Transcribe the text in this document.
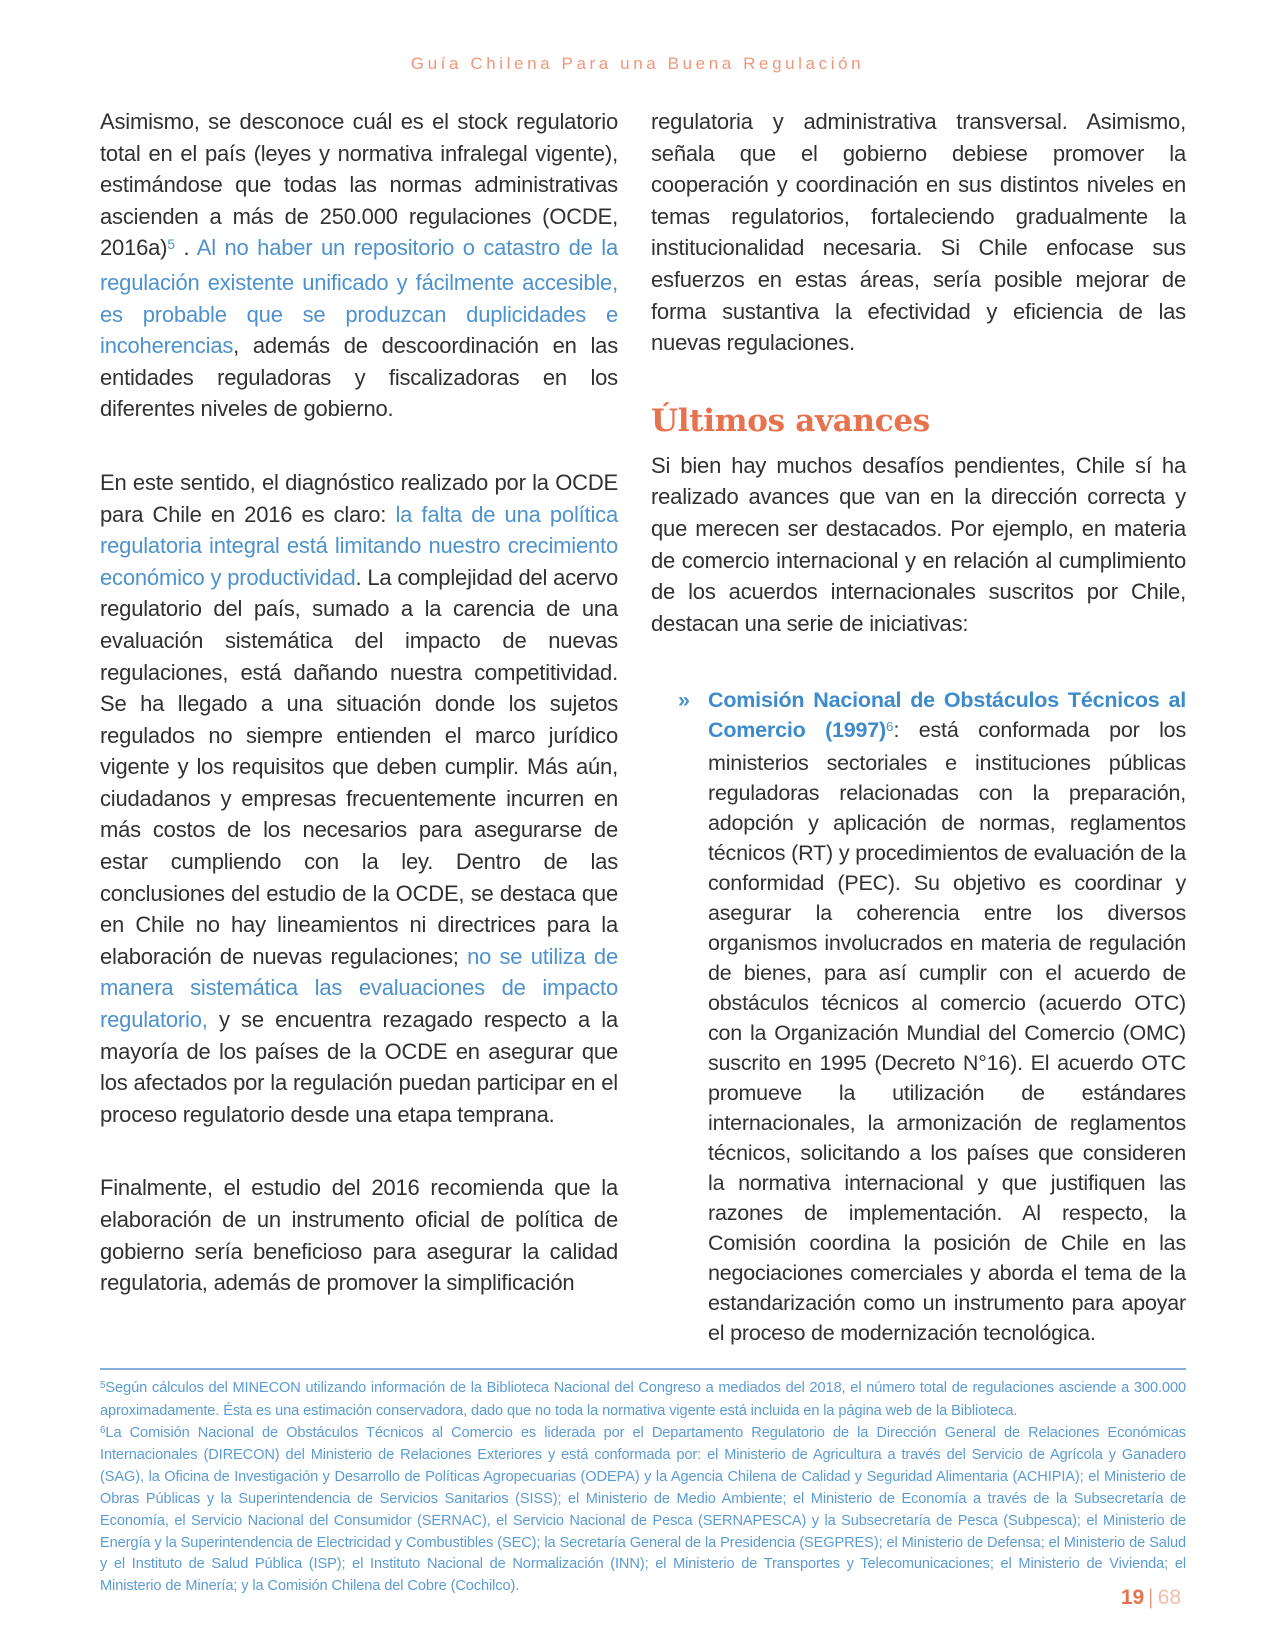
Guía Chilena Para una Buena Regulación

Asimismo, se desconoce cuál es el stock regulatorio total en el país (leyes y normativa infralegal vigente), estimándose que todas las normas administrativas ascienden a más de 250.000 regulaciones (OCDE, 2016a)$^5$ . Al no haber un repositorio o catastro de la regulación existente unificado y fácilmente accesible, es probable que se produzcan duplicidades e incoherencias, además de descoordinación en las entidades reguladoras y fiscalizadoras en los diferentes niveles de gobierno.

En este sentido, el diagnóstico realizado por la OCDE para Chile en 2016 es claro: la falta de una política regulatoria integral está limitando nuestro crecimiento económico y productividad. La complejidad del acervo regulatorio del país, sumado a la carencia de una evaluación sistemática del impacto de nuevas regulaciones, está dañando nuestra competitividad. Se ha llegado a una situación donde los sujetos regulados no siempre entienden el marco jurídico vigente y los requisitos que deben cumplir. Más aún, ciudadanos y empresas frecuentemente incurren en más costos de los necesarios para asegurarse de estar cumpliendo con la ley. Dentro de las conclusiones del estudio de la OCDE, se destaca que en Chile no hay lineamientos ni directrices para la elaboración de nuevas regulaciones; no se utiliza de manera sistemática las evaluaciones de impacto regulatorio, y se encuentra rezagado respecto a la mayoría de los países de la OCDE en asegurar que los afectados por la regulación puedan participar en el proceso regulatorio desde una etapa temprana.

Finalmente, el estudio del 2016 recomienda que la elaboración de un instrumento oficial de política de gobierno sería beneficioso para asegurar la calidad regulatoria, además de promover la simplificación

regulatoria y administrativa transversal. Asimismo, señala que el gobierno debiese promover la cooperación y coordinación en sus distintos niveles en temas regulatorios, fortaleciendo gradualmente la institucionalidad necesaria. Si Chile enfocase sus esfuerzos en estas áreas, sería posible mejorar de forma sustantiva la efectividad y eficiencia de las nuevas regulaciones.

Últimos avances

Si bien hay muchos desafíos pendientes, Chile sí ha realizado avances que van en la dirección correcta y que merecen ser destacados. Por ejemplo, en materia de comercio internacional y en relación al cumplimiento de los acuerdos internacionales suscritos por Chile, destacan una serie de iniciativas:

» Comisión Nacional de Obstáculos Técnicos al Comercio $(1997)^6$: está conformada por los ministerios sectoriales e instituciones públicas reguladoras relacionadas con la preparación, adopción y aplicación de normas, reglamentos técnicos (RT) y procedimientos de evaluación de la conformidad (PEC). Su objetivo es coordinar y asegurar la coherencia entre los diversos organismos involucrados en materia de regulación de bienes, para así cumplir con el acuerdo de obstáculos técnicos al comercio (acuerdo OTC) con la Organización Mundial del Comercio (OMC) suscrito en 1995 (Decreto N°16). El acuerdo OTC promueve la utilización de estándares internacionales, la armonización de reglamentos técnicos, solicitando a los países que consideren la normativa internacional y que justifiquen las razones de implementación. Al respecto, la Comisión coordina la posición de Chile en las negociaciones comerciales y aborda el tema de la estandarización como un instrumento para apoyar el proceso de modernización tecnológica.

$^5$Según cálculos del MINECON utilizando información de la Biblioteca Nacional del Congreso a mediados del 2018, el número total de regulaciones asciende a 300.000 aproximadamente. Ésta es una estimación conservadora, dado que no toda la normativa vigente está incluida en la página web de la Biblioteca.

$^6$La Comisión Nacional de Obstáculos Técnicos al Comercio es liderada por el Departamento Regulatorio de la Dirección General de Relaciones Económicas Internacionales (DIRECON) del Ministerio de Relaciones Exteriores y está conformada por: el Ministerio de Agricultura a través del Servicio de Agrícola y Ganadero (SAG), la Oficina de Investigación y Desarrollo de Políticas Agropecuarias (ODEPA) y la Agencia Chilena de Calidad y Seguridad Alimentaria (ACHIPIA); el Ministerio de Obras Públicas y la Superintendencia de Servicios Sanitarios (SISS); el Ministerio de Medio Ambiente; el Ministerio de Economía a través de la Subsecretaría de Economía, el Servicio Nacional del Consumidor (SERNAC), el Servicio Nacional de Pesca (SERNAPESCA) y la Subsecretaría de Pesca (Subpesca); el Ministerio de Energía y la Superintendencia de Electricidad y Combustibles (SEC); la Secretaría General de la Presidencia (SEGPRES); el Ministerio de Defensa; el Ministerio de Salud y el Instituto de Salud Pública (ISP); el Instituto Nacional de Normalización (INN); el Ministerio de Transportes y Telecomunicaciones; el Ministerio de Vivienda; el Ministerio de Minería; y la Comisión Chilena del Cobre (Cochilco).	19 | 68
